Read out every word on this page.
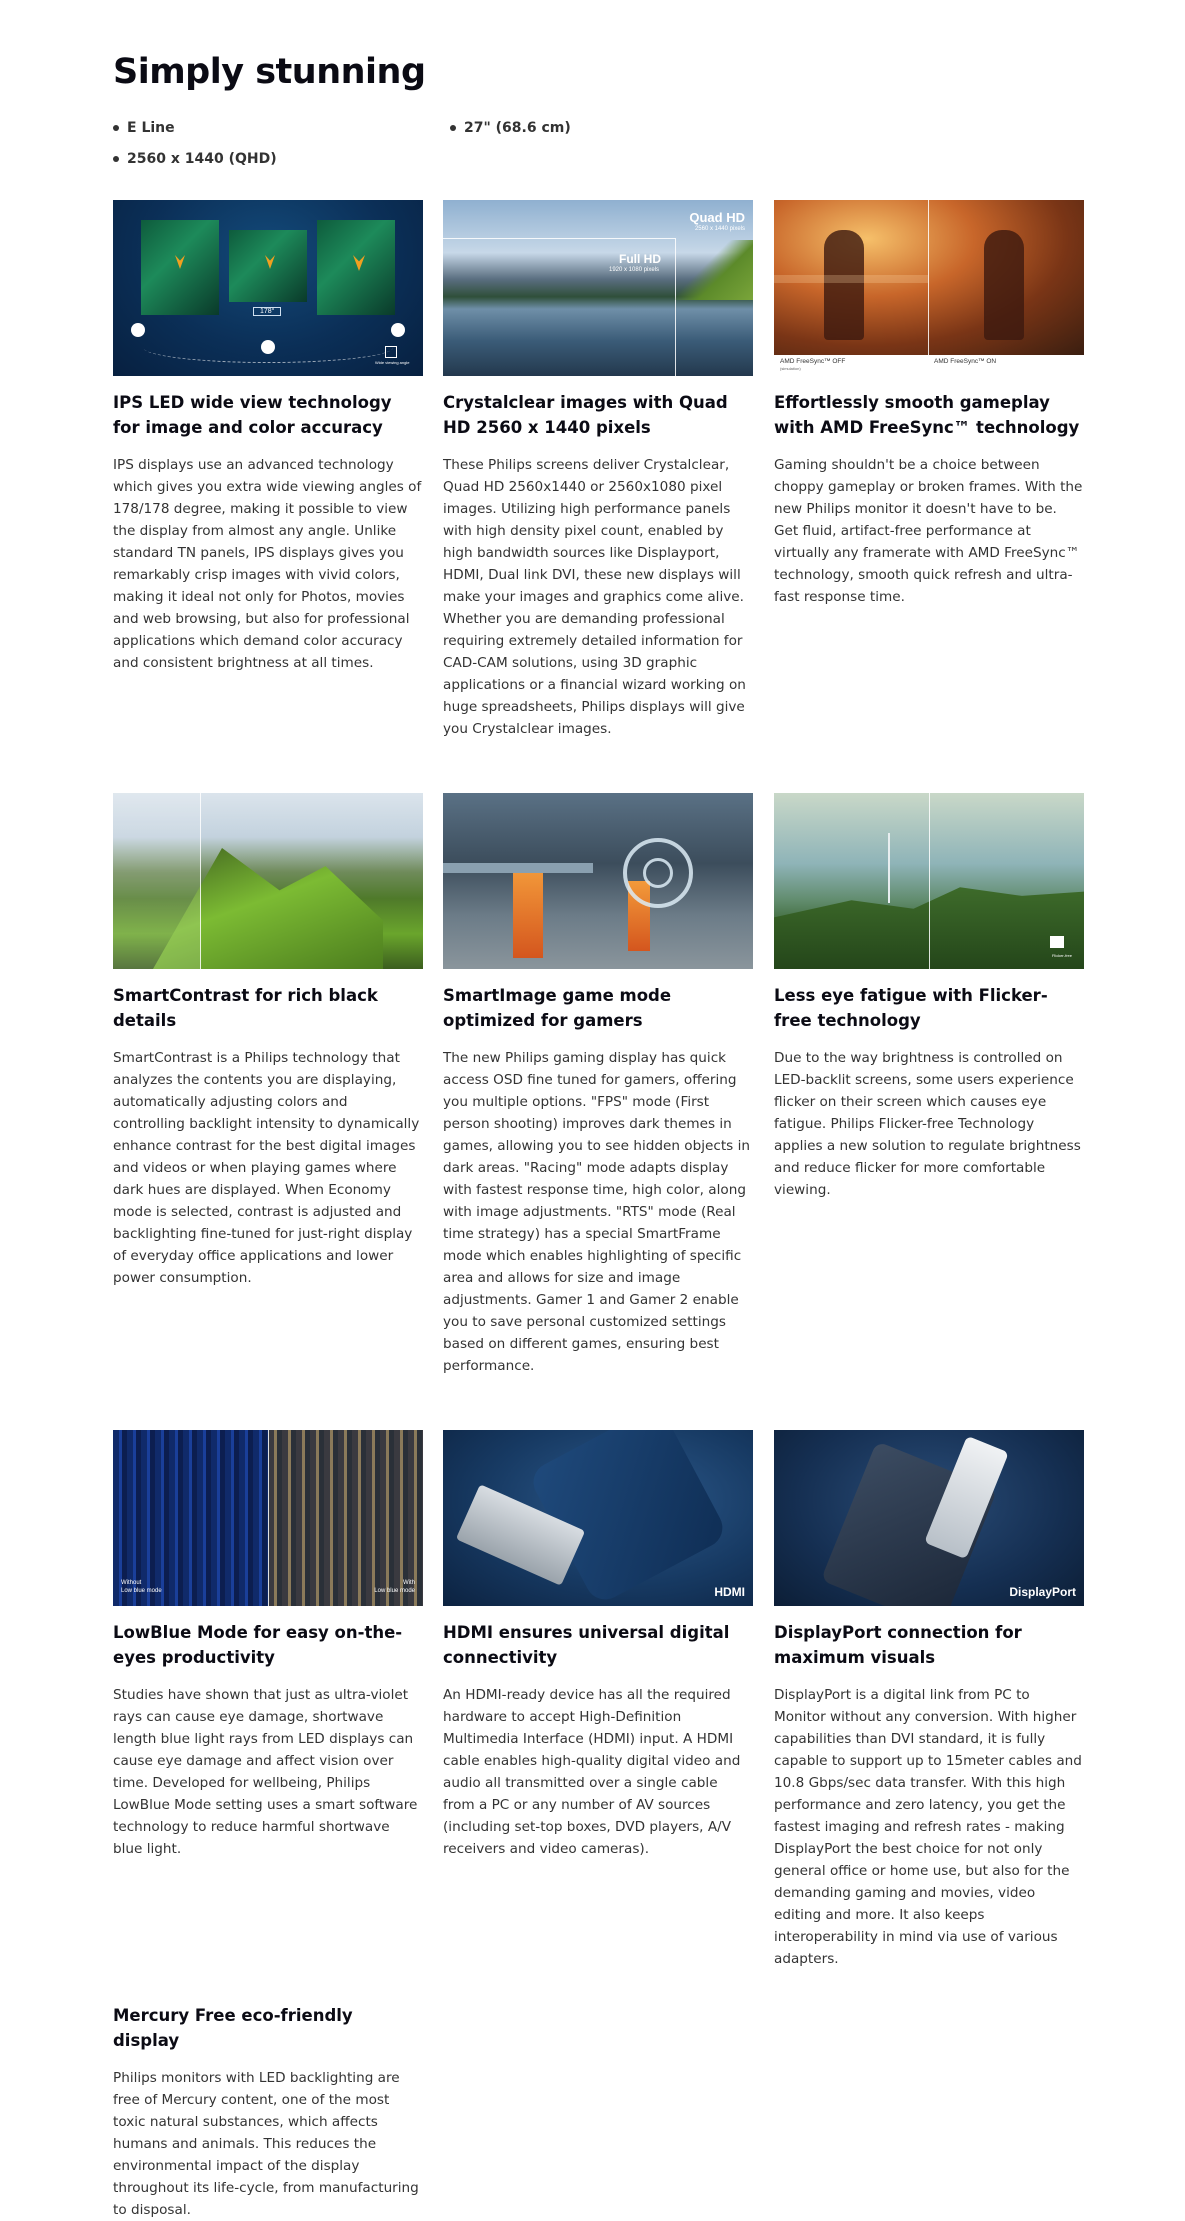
Simply stunning
E Line	27" (68.6 cm)
2560 x 1440 (QHD)
178°
Wide viewing angle
IPS LED wide view technology for image and color accuracy

IPS displays use an advanced technology which gives you extra wide viewing angles of 178/178 degree, making it possible to view the display from almost any angle. Unlike standard TN panels, IPS displays gives you remarkably crisp images with vivid colors, making it ideal not only for Photos, movies and web browsing, but also for professional applications which demand color accuracy and consistent brightness at all times.

Quad HD
2560 x 1440 pixels
Full HD
1920 x 1080 pixels
Crystalclear images with Quad HD 2560 x 1440 pixels

These Philips screens deliver Crystalclear, Quad HD 2560x1440 or 2560x1080 pixel images. Utilizing high performance panels with high density pixel count, enabled by high bandwidth sources like Displayport, HDMI, Dual link DVI, these new displays will make your images and graphics come alive. Whether you are demanding professional requiring extremely detailed information for CAD-CAM solutions, using 3D graphic applications or a financial wizard working on huge spreadsheets, Philips displays will give you Crystalclear images.

AMD FreeSync™ OFF
(simulation)
AMD FreeSync™ ON
Effortlessly smooth gameplay with AMD FreeSync™ technology

Gaming shouldn't be a choice between choppy gameplay or broken frames. With the new Philips monitor it doesn't have to be. Get fluid, artifact-free performance at virtually any framerate with AMD FreeSync™ technology, smooth quick refresh and ultra-fast response time.

SmartContrast for rich black details

SmartContrast is a Philips technology that analyzes the contents you are displaying, automatically adjusting colors and controlling backlight intensity to dynamically enhance contrast for the best digital images and videos or when playing games where dark hues are displayed. When Economy mode is selected, contrast is adjusted and backlighting fine-tuned for just-right display of everyday office applications and lower power consumption.

SmartImage game mode optimized for gamers

The new Philips gaming display has quick access OSD fine tuned for gamers, offering you multiple options. "FPS" mode (First person shooting) improves dark themes in games, allowing you to see hidden objects in dark areas. "Racing" mode adapts display with fastest response time, high color, along with image adjustments. "RTS" mode (Real time strategy) has a special SmartFrame mode which enables highlighting of specific area and allows for size and image adjustments. Gamer 1 and Gamer 2 enable you to save personal customized settings based on different games, ensuring best performance.

Flicker-free
Less eye fatigue with Flicker-free technology

Due to the way brightness is controlled on LED-backlit screens, some users experience flicker on their screen which causes eye fatigue. Philips Flicker-free Technology applies a new solution to regulate brightness and reduce flicker for more comfortable viewing.

Without
Low blue mode
With
Low blue mode
LowBlue Mode for easy on-the-eyes productivity

Studies have shown that just as ultra-violet rays can cause eye damage, shortwave length blue light rays from LED displays can cause eye damage and affect vision over time. Developed for wellbeing, Philips LowBlue Mode setting uses a smart software technology to reduce harmful shortwave blue light.

HDMI
HDMI ensures universal digital connectivity

An HDMI-ready device has all the required hardware to accept High-Definition Multimedia Interface (HDMI) input. A HDMI cable enables high-quality digital video and audio all transmitted over a single cable from a PC or any number of AV sources (including set-top boxes, DVD players, A/V receivers and video cameras).

DisplayPort
DisplayPort connection for maximum visuals

DisplayPort is a digital link from PC to Monitor without any conversion. With higher capabilities than DVI standard, it is fully capable to support up to 15meter cables and 10.8 Gbps/sec data transfer. With this high performance and zero latency, you get the fastest imaging and refresh rates - making DisplayPort the best choice for not only general office or home use, but also for the demanding gaming and movies, video editing and more. It also keeps interoperability in mind via use of various adapters.

Mercury Free eco-friendly display

Philips monitors with LED backlighting are free of Mercury content, one of the most toxic natural substances, which affects humans and animals. This reduces the environmental impact of the display throughout its life-cycle, from manufacturing to disposal.
